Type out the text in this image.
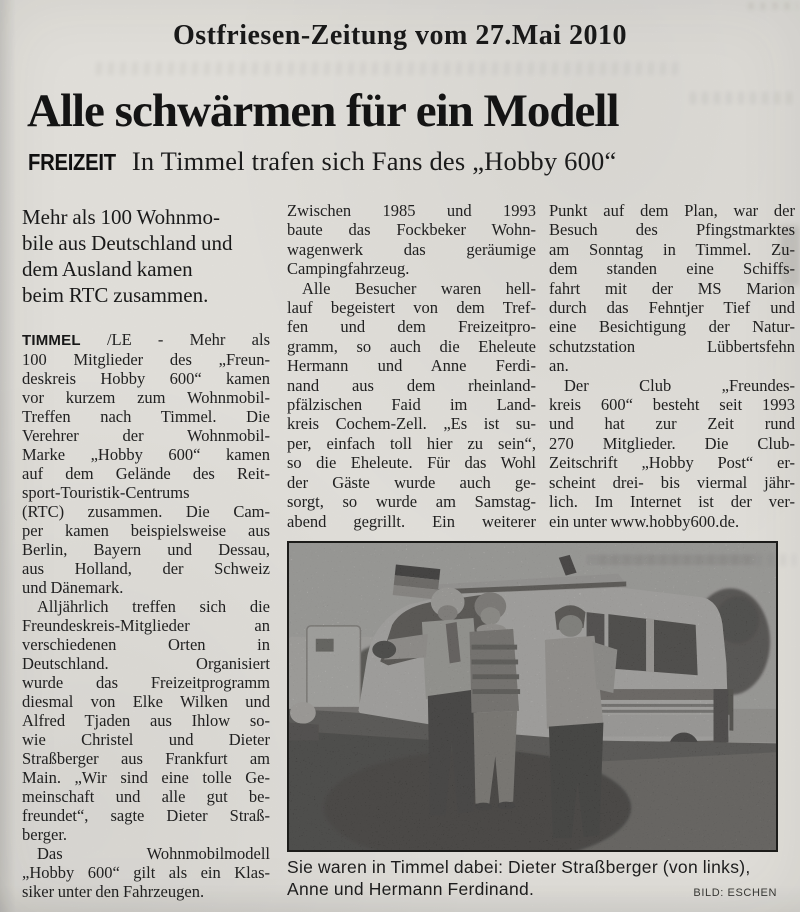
Ostfriesen-Zeitung vom 27.Mai 2010
Alle schwärmen für ein Modell
FREIZEIT In Timmel trafen sich Fans des „Hobby 600“
Mehr als 100 Wohnmo-
bile aus Deutschland und
dem Ausland kamen
beim RTC zusammen.
TIMMEL /LE - Mehr als
100 Mitglieder des „Freun-
deskreis Hobby 600“ kamen
vor kurzem zum Wohnmobil-
Treffen nach Timmel. Die
Verehrer der Wohnmobil-
Marke „Hobby 600“ kamen
auf dem Gelände des Reit-
sport-Touristik-Centrums
(RTC) zusammen. Die Cam-
per kamen beispielsweise aus
Berlin, Bayern und Dessau,
aus Holland, der Schweiz
und Dänemark.
Alljährlich treffen sich die
Freundeskreis-Mitglieder an
verschiedenen Orten in
Deutschland. Organisiert
wurde das Freizeitprogramm
diesmal von Elke Wilken und
Alfred Tjaden aus Ihlow so-
wie Christel und Dieter
Straßberger aus Frankfurt am
Main. „Wir sind eine tolle Ge-
meinschaft und alle gut be-
freundet“, sagte Dieter Straß-
berger.
Das Wohnmobilmodell
„Hobby 600“ gilt als ein Klas-
siker unter den Fahrzeugen.
Zwischen 1985 und 1993
baute das Fockbeker Wohn-
wagenwerk das geräumige
Campingfahrzeug.
Alle Besucher waren hell-
lauf begeistert von dem Tref-
fen und dem Freizeitpro-
gramm, so auch die Eheleute
Hermann und Anne Ferdi-
nand aus dem rheinland-
pfälzischen Faid im Land-
kreis Cochem-Zell. „Es ist su-
per, einfach toll hier zu sein“,
so die Eheleute. Für das Wohl
der Gäste wurde auch ge-
sorgt, so wurde am Samstag-
abend gegrillt. Ein weiterer
Punkt auf dem Plan, war der
Besuch des Pfingstmarktes
am Sonntag in Timmel. Zu-
dem standen eine Schiffs-
fahrt mit der MS Marion
durch das Fehntjer Tief und
eine Besichtigung der Natur-
schutzstation Lübbertsfehn
an.
Der Club „Freundes-
kreis 600“ besteht seit 1993
und hat zur Zeit rund
270 Mitglieder. Die Club-
Zeitschrift „Hobby Post“ er-
scheint drei- bis viermal jähr-
lich. Im Internet ist der ver-
ein unter www.hobby600.de.
Sie waren in Timmel dabei: Dieter Straßberger (von links),
Anne und Hermann Ferdinand.	BILD: ESCHEN
